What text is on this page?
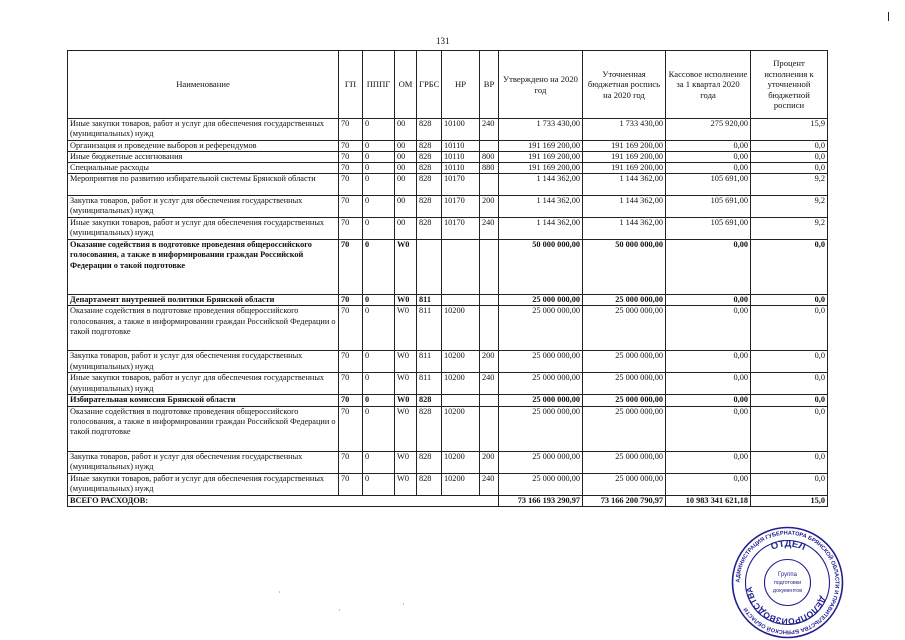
131
Наименование	ГП	ПППГ	ОМ	ГРБС	НР	ВР	Утверждено на 2020 год	Уточненная бюджетная роспись на 2020 год	Кассовое исполнение за 1 квартал 2020 года	Процент исполнения к уточненной бюджетной росписи
Иные закупки товаров, работ и услуг для обеспечения государственных (муниципальных) нужд	70	0	00	828	10100	240	1 733 430,00	1 733 430,00	275 920,00	15,9
Организация и проведение выборов и референдумов	70	0	00	828	10110		191 169 200,00	191 169 200,00	0,00	0,0
Иные бюджетные ассигнования	70	0	00	828	10110	800	191 169 200,00	191 169 200,00	0,00	0,0
Специальные расходы	70	0	00	828	10110	880	191 169 200,00	191 169 200,00	0,00	0,0
Мероприятия по развитию избирательной системы Брянской области	70	0	00	828	10170		1 144 362,00	1 144 362,00	105 691,00	9,2
Закупка товаров, работ и услуг для обеспечения государственных (муниципальных) нужд	70	0	00	828	10170	200	1 144 362,00	1 144 362,00	105 691,00	9,2
Иные закупки товаров, работ и услуг для обеспечения государственных (муниципальных) нужд	70	0	00	828	10170	240	1 144 362,00	1 144 362,00	105 691,00	9,2
Оказание содействия в подготовке проведения общероссийского голосования, а также в информировании граждан Российской Федерации о такой подготовке	70	0	W0				50 000 000,00	50 000 000,00	0,00	0,0
Департамент внутренней политики Брянской области	70	0	W0	811			25 000 000,00	25 000 000,00	0,00	0,0
Оказание содействия в подготовке проведения общероссийского голосования, а также в информировании граждан Российской Федерации о такой подготовке	70	0	W0	811	10200		25 000 000,00	25 000 000,00	0,00	0,0
Закупка товаров, работ и услуг для обеспечения государственных (муниципальных) нужд	70	0	W0	811	10200	200	25 000 000,00	25 000 000,00	0,00	0,0
Иные закупки товаров, работ и услуг для обеспечения государственных (муниципальных) нужд	70	0	W0	811	10200	240	25 000 000,00	25 000 000,00	0,00	0,0
Избирательная комиссия Брянской области	70	0	W0	828			25 000 000,00	25 000 000,00	0,00	0,0
Оказание содействия в подготовке проведения общероссийского голосования, а также в информировании граждан Российской Федерации о такой подготовке	70	0	W0	828	10200		25 000 000,00	25 000 000,00	0,00	0,0
Закупка товаров, работ и услуг для обеспечения государственных (муниципальных) нужд	70	0	W0	828	10200	200	25 000 000,00	25 000 000,00	0,00	0,0
Иные закупки товаров, работ и услуг для обеспечения государственных (муниципальных) нужд	70	0	W0	828	10200	240	25 000 000,00	25 000 000,00	0,00	0,0
ВСЕГО РАСХОДОВ:							73 166 193 290,97	73 166 200 790,97	10 983 341 621,18	15,0
·
·
·
АДМИНИСТРАЦИЯ ГУБЕРНАТОРА БРЯНСКОЙ ОБЛАСТИ И ПРАВИТЕЛЬСТВА БРЯНСКОЙ ОБЛАСТИ
ОТДЕЛ
ДЕЛОПРОИЗВОДСТВА
Группа
подготовки
документов
